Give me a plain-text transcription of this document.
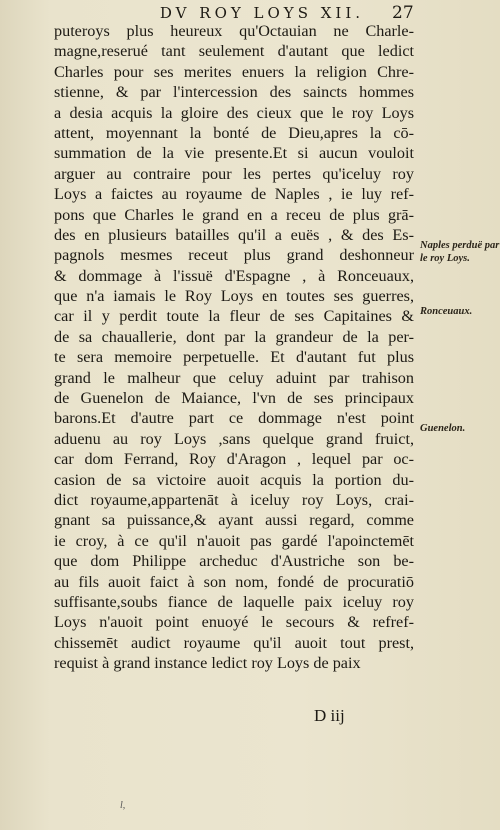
DV ROY LOYS XII.	27
puteroys plus heureux qu'Octauian ne Charle-
magne,reserué tant seulement d'autant que ledict
Charles pour ses merites enuers la religion Chre-
stienne, & par l'intercession des saincts hommes
a desia acquis la gloire des cieux que le roy Loys
attent, moyennant la bonté de Dieu,apres la cō-
summation de la vie presente.Et si aucun vouloit
arguer au contraire pour les pertes qu'iceluy roy
Loys a faictes au royaume de Naples , ie luy ref-
pons que Charles le grand en a receu de plus grā-
des en plusieurs batailles qu'il a euës , & des Es-
pagnols mesmes receut plus grand deshonneur
& dommage à l'issuë d'Espagne , à Ronceuaux,
que n'a iamais le Roy Loys en toutes ses guerres,
car il y perdit toute la fleur de ses Capitaines &
de sa chauallerie, dont par la grandeur de la per-
te sera memoire perpetuelle. Et d'autant fut plus
grand le malheur que celuy aduint par trahison
de Guenelon de Maiance, l'vn de ses principaux
barons.Et d'autre part ce dommage n'est point
aduenu au roy Loys ,sans quelque grand fruict,
car dom Ferrand, Roy d'Aragon , lequel par oc-
casion de sa victoire auoit acquis la portion du-
dict royaume,appartenāt à iceluy roy Loys, crai-
gnant sa puissance,& ayant aussi regard, comme
ie croy, à ce qu'il n'auoit pas gardé l'apoinctemēt
que dom Philippe archeduc d'Austriche son be-
au fils auoit faict à son nom, fondé de procuratiō
suffisante,soubs fiance de laquelle paix iceluy roy
Loys n'auoit point enuoyé le secours & refref-
chissemēt audict royaume qu'il auoit tout prest,
requist à grand instance ledict roy Loys de paix
D iij
Naples perduë par le roy Loys.
Ronceuaux.
Guenelon.
l,
